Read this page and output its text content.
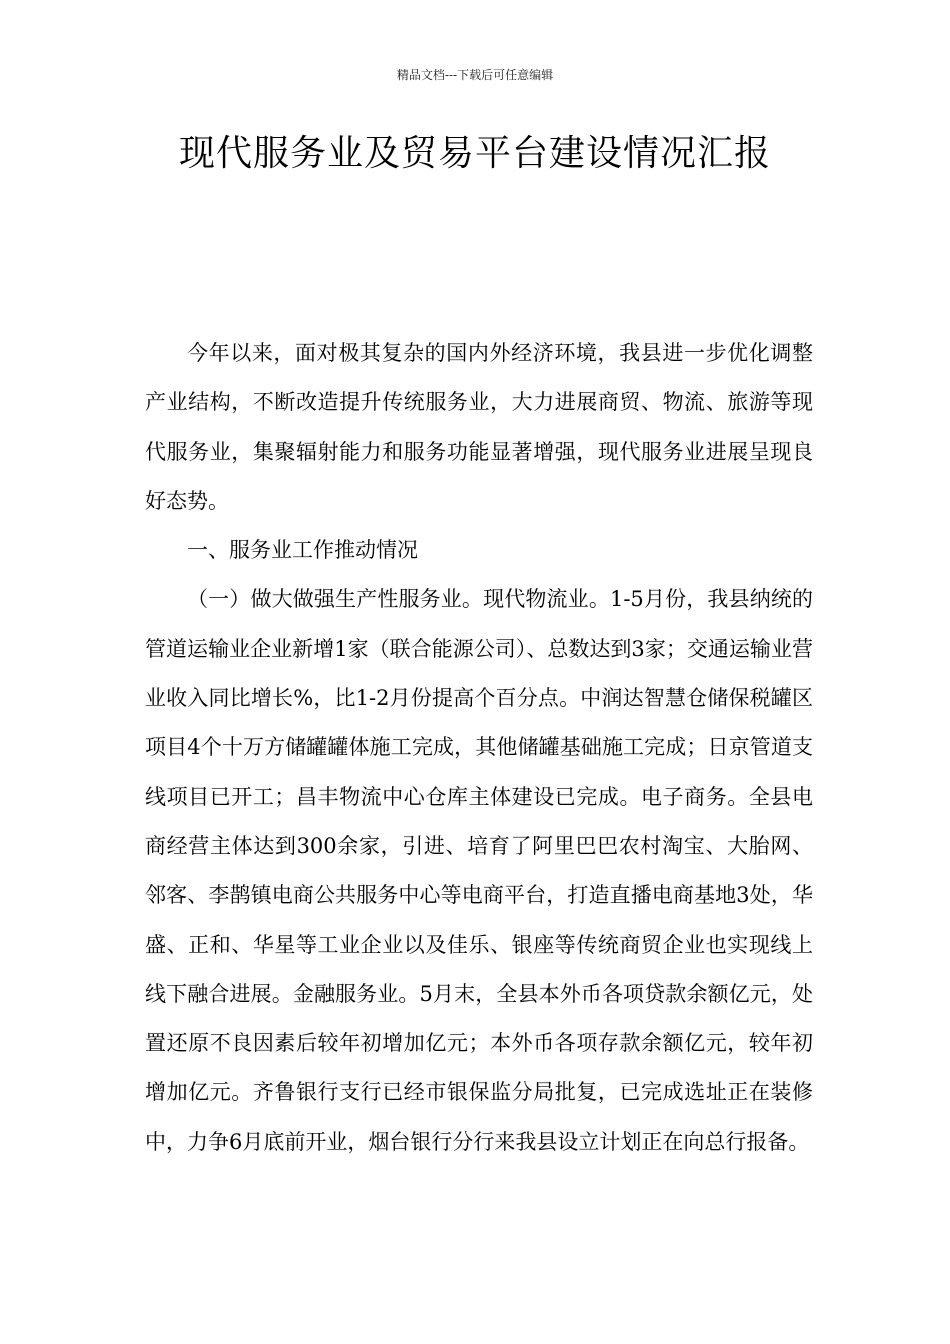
精品文档---下载后可任意编辑
现代服务业及贸易平台建设情况汇报

今年以来，面对极其复杂的国内外经济环境，我县进一步优化调整产业结构，不断改造提升传统服务业，大力进展商贸、物流、旅游等现代服务业，集聚辐射能力和服务功能显著增强，现代服务业进展呈现良好态势。

一、服务业工作推动情况

（一）做大做强生产性服务业。现代物流业。1-5月份，我县纳统的管道运输业企业新增1家（联合能源公司）、总数达到3家；交通运输业营业收入同比增长%，比1-2月份提高个百分点。中润达智慧仓储保税罐区项目4个十万方储罐罐体施工完成，其他储罐基础施工完成；日京管道支线项目已开工；昌丰物流中心仓库主体建设已完成。电子商务。全县电商经营主体达到300余家，引进、培育了阿里巴巴农村淘宝、大胎网、邻客、李鹊镇电商公共服务中心等电商平台，打造直播电商基地3处，华盛、正和、华星等工业企业以及佳乐、银座等传统商贸企业也实现线上线下融合进展。金融服务业。5月末，全县本外币各项贷款余额亿元，处置还原不良因素后较年初增加亿元；本外币各项存款余额亿元，较年初增加亿元。齐鲁银行支行已经市银保监分局批复，已完成选址正在装修中，力争6月底前开业，烟台银行分行来我县设立计划正在向总行报备。
